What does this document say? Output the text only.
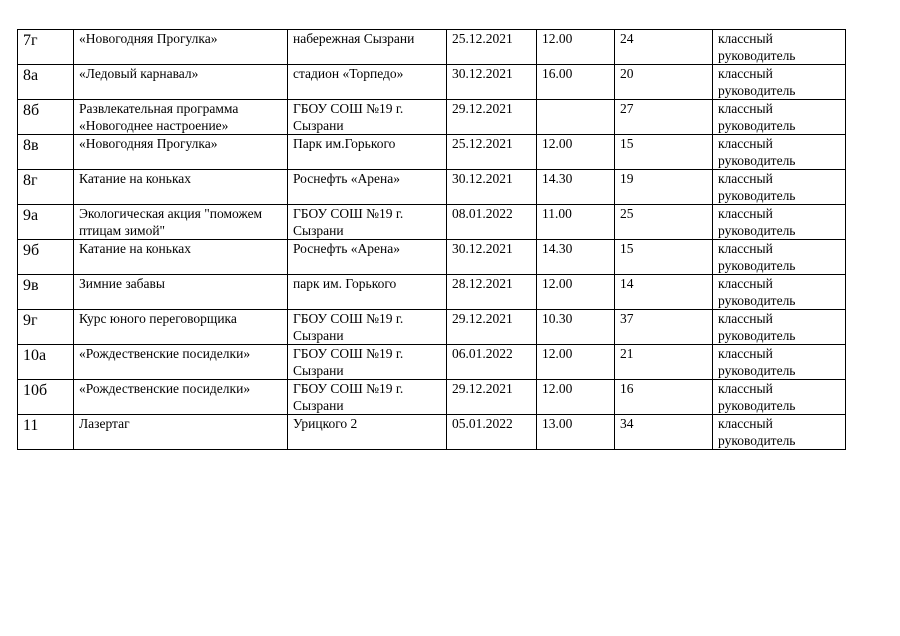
7г	«Новогодняя Прогулка»	набережная Сызрани	25.12.2021	12.00	24	классный
руководитель

8а	«Ледовый карнавал»	стадион «Торпедо»	30.12.2021	16.00	20	классный
руководитель

8б	Развлекательная программа «Новогоднее настроение»	ГБОУ СОШ №19 г. Сызрани	29.12.2021		27	классный
руководитель

8в	«Новогодняя Прогулка»	Парк им.Горького	25.12.2021	12.00	15	классный
руководитель

8г	Катание на коньках	Роснефть «Арена»	30.12.2021	14.30	19	классный
руководитель

9а	Экологическая акция "поможем птицам зимой"	ГБОУ СОШ №19 г. Сызрани	08.01.2022	11.00	25	классный
руководитель

9б	Катание на коньках	Роснефть «Арена»	30.12.2021	14.30	15	классный
руководитель

9в	Зимние забавы	парк им. Горького	28.12.2021	12.00	14	классный
руководитель

9г	Курс юного переговорщика	ГБОУ СОШ №19 г. Сызрани	29.12.2021	10.30	37	классный
руководитель

10а	«Рождественские посиделки»	ГБОУ СОШ №19 г. Сызрани	06.01.2022	12.00	21	классный
руководитель

10б	«Рождественские посиделки»	ГБОУ СОШ №19 г. Сызрани	29.12.2021	12.00	16	классный
руководитель

11	Лазертаг	Урицкого 2	05.01.2022	13.00	34	классный
руководитель
